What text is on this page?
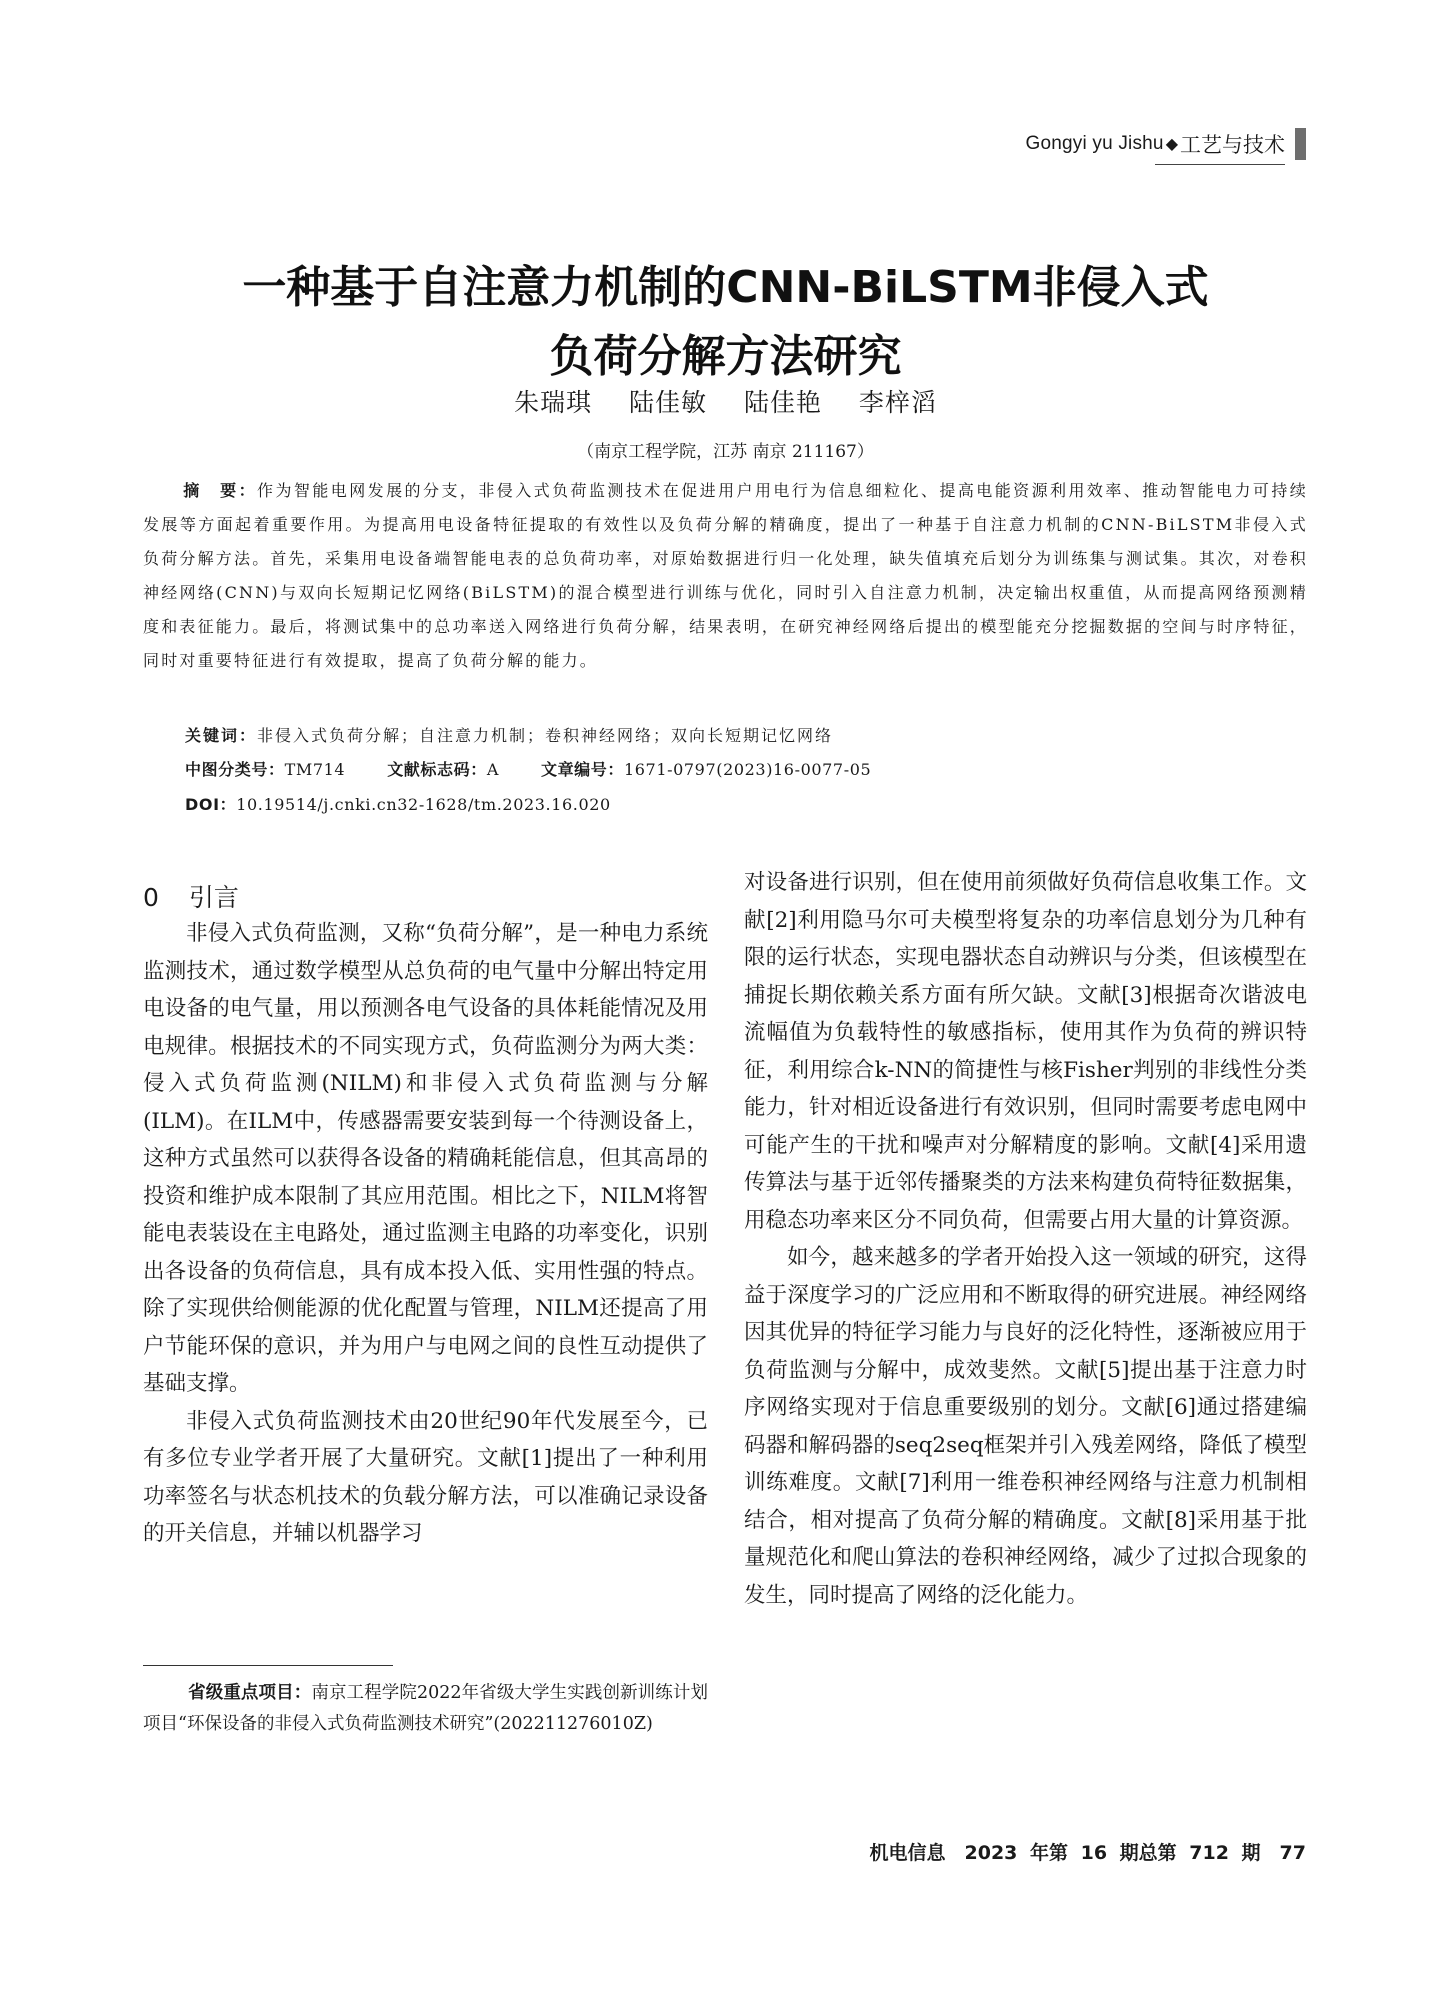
Gongyi yu Jishu ◆ 工艺与技术
一种基于自注意力机制的CNN-BiLSTM非侵入式
负荷分解方法研究
朱瑞琪 陆佳敏 陆佳艳 李梓滔
（南京工程学院，江苏 南京 211167）
摘　要：作为智能电网发展的分支，非侵入式负荷监测技术在促进用户用电行为信息细粒化、提高电能资源利用效率、推动智能电力可持续发展等方面起着重要作用。为提高用电设备特征提取的有效性以及负荷分解的精确度，提出了一种基于自注意力机制的CNN-BiLSTM非侵入式负荷分解方法。首先，采集用电设备端智能电表的总负荷功率，对原始数据进行归一化处理，缺失值填充后划分为训练集与测试集。其次，对卷积神经网络(CNN)与双向长短期记忆网络(BiLSTM)的混合模型进行训练与优化，同时引入自注意力机制，决定输出权重值，从而提高网络预测精度和表征能力。最后，将测试集中的总功率送入网络进行负荷分解，结果表明，在研究神经网络后提出的模型能充分挖掘数据的空间与时序特征，同时对重要特征进行有效提取，提高了负荷分解的能力。
关键词：非侵入式负荷分解；自注意力机制；卷积神经网络；双向长短期记忆网络
中图分类号：TM714	文献标志码：A	文章编号：1671-0797(2023)16-0077-05
DOI：10.19514/j.cnki.cn32-1628/tm.2023.16.020
0 引言

非侵入式负荷监测，又称“负荷分解”，是一种电力系统监测技术，通过数学模型从总负荷的电气量中分解出特定用电设备的电气量，用以预测各电气设备的具体耗能情况及用电规律。根据技术的不同实现方式，负荷监测分为两大类：侵入式负荷监测(NILM)和非侵入式负荷监测与分解(ILM)。在ILM中，传感器需要安装到每一个待测设备上，这种方式虽然可以获得各设备的精确耗能信息，但其高昂的投资和维护成本限制了其应用范围。相比之下，NILM将智能电表装设在主电路处，通过监测主电路的功率变化，识别出各设备的负荷信息，具有成本投入低、实用性强的特点。除了实现供给侧能源的优化配置与管理，NILM还提高了用户节能环保的意识，并为用户与电网之间的良性互动提供了基础支撑。

非侵入式负荷监测技术由20世纪90年代发展至今，已有多位专业学者开展了大量研究。文献[1]提出了一种利用功率签名与状态机技术的负载分解方法，可以准确记录设备的开关信息，并辅以机器学习

对设备进行识别，但在使用前须做好负荷信息收集工作。文献[2]利用隐马尔可夫模型将复杂的功率信息划分为几种有限的运行状态，实现电器状态自动辨识与分类，但该模型在捕捉长期依赖关系方面有所欠缺。文献[3]根据奇次谐波电流幅值为负载特性的敏感指标，使用其作为负荷的辨识特征，利用综合k-NN的简捷性与核Fisher判别的非线性分类能力，针对相近设备进行有效识别，但同时需要考虑电网中可能产生的干扰和噪声对分解精度的影响。文献[4]采用遗传算法与基于近邻传播聚类的方法来构建负荷特征数据集，用稳态功率来区分不同负荷，但需要占用大量的计算资源。

如今，越来越多的学者开始投入这一领域的研究，这得益于深度学习的广泛应用和不断取得的研究进展。神经网络因其优异的特征学习能力与良好的泛化特性，逐渐被应用于负荷监测与分解中，成效斐然。文献[5]提出基于注意力时序网络实现对于信息重要级别的划分。文献[6]通过搭建编码器和解码器的seq2seq框架并引入残差网络，降低了模型训练难度。文献[7]利用一维卷积神经网络与注意力机制相结合，相对提高了负荷分解的精确度。文献[8]采用基于批量规范化和爬山算法的卷积神经网络，减少了过拟合现象的发生，同时提高了网络的泛化能力。

省级重点项目：南京工程学院2022年省级大学生实践创新训练计划项目“环保设备的非侵入式负荷监测技术研究”(202211276010Z)
机电信息　2023 年第 16 期总第 712 期　77
